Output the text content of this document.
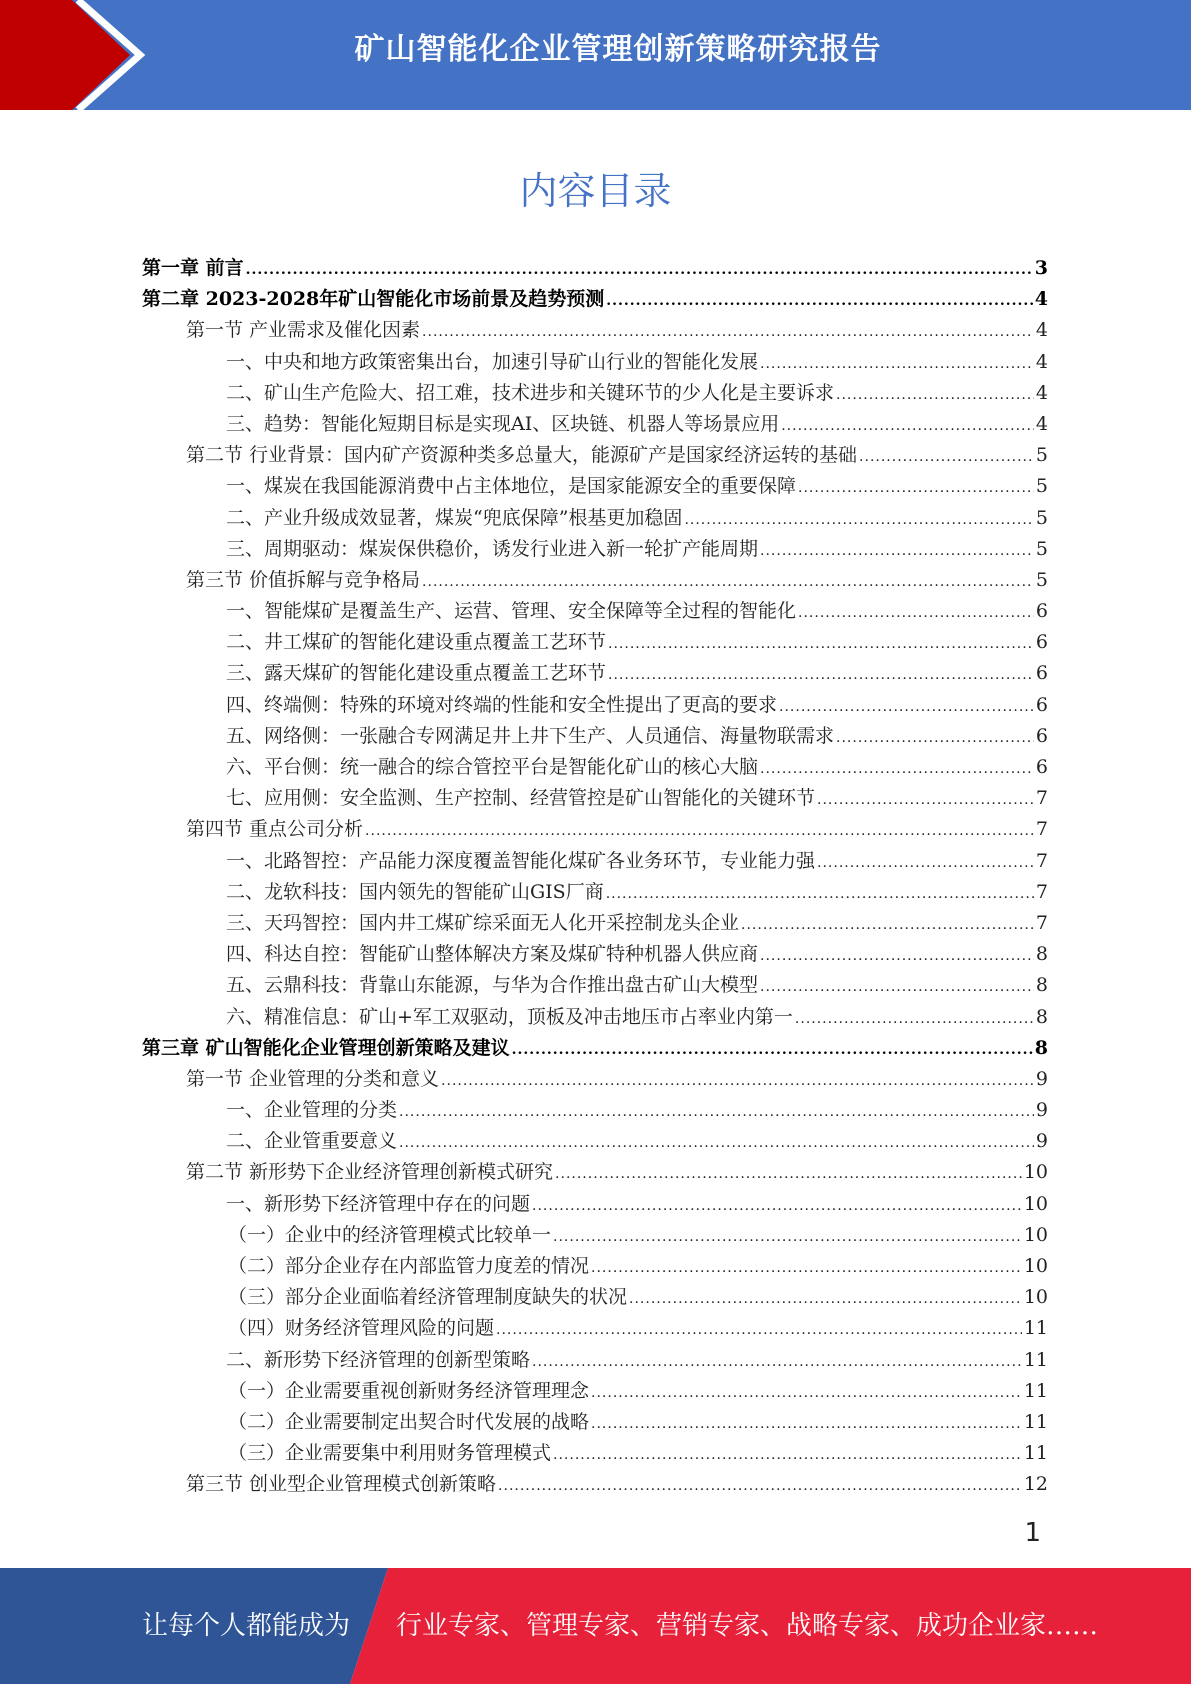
矿山智能化企业管理创新策略研究报告
内容目录
第一章 前言 .....	3
第二章 2023-2028年矿山智能化市场前景及趋势预测 .....	4
第一节 产业需求及催化因素 .....	4
一、中央和地方政策密集出台，加速引导矿山行业的智能化发展 .....	4
二、矿山生产危险大、招工难，技术进步和关键环节的少人化是主要诉求 .....	4
三、趋势：智能化短期目标是实现AI、区块链、机器人等场景应用 .....	4
第二节 行业背景：国内矿产资源种类多总量大，能源矿产是国家经济运转的基础 .....	5
一、煤炭在我国能源消费中占主体地位，是国家能源安全的重要保障 .....	5
二、产业升级成效显著，煤炭“兜底保障”根基更加稳固 .....	5
三、周期驱动：煤炭保供稳价，诱发行业进入新一轮扩产能周期 .....	5
第三节 价值拆解与竞争格局 .....	5
一、智能煤矿是覆盖生产、运营、管理、安全保障等全过程的智能化 .....	6
二、井工煤矿的智能化建设重点覆盖工艺环节 .....	6
三、露天煤矿的智能化建设重点覆盖工艺环节 .....	6
四、终端侧：特殊的环境对终端的性能和安全性提出了更高的要求 .....	6
五、网络侧：一张融合专网满足井上井下生产、人员通信、海量物联需求 .....	6
六、平台侧：统一融合的综合管控平台是智能化矿山的核心大脑 .....	6
七、应用侧：安全监测、生产控制、经营管控是矿山智能化的关键环节 .....	7
第四节 重点公司分析 .....	7
一、北路智控：产品能力深度覆盖智能化煤矿各业务环节，专业能力强 .....	7
二、龙软科技：国内领先的智能矿山GIS厂商 .....	7
三、天玛智控：国内井工煤矿综采面无人化开采控制龙头企业 .....	7
四、科达自控：智能矿山整体解决方案及煤矿特种机器人供应商 .....	8
五、云鼎科技：背靠山东能源，与华为合作推出盘古矿山大模型 .....	8
六、精准信息：矿山+军工双驱动，顶板及冲击地压市占率业内第一 .....	8
第三章 矿山智能化企业管理创新策略及建议 .....	8
第一节 企业管理的分类和意义 .....	9
一、企业管理的分类 .....	9
二、企业管重要意义 .....	9
第二节 新形势下企业经济管理创新模式研究 .....	10
一、新形势下经济管理中存在的问题 .....	10
（一）企业中的经济管理模式比较单一 .....	10
（二）部分企业存在内部监管力度差的情况 .....	10
（三）部分企业面临着经济管理制度缺失的状况 .....	10
（四）财务经济管理风险的问题 .....	11
二、新形势下经济管理的创新型策略 .....	11
（一）企业需要重视创新财务经济管理理念 .....	11
（二）企业需要制定出契合时代发展的战略 .....	11
（三）企业需要集中利用财务管理模式 .....	11
第三节 创业型企业管理模式创新策略 .....	12
1
让每个人都能成为 行业专家、管理专家、营销专家、战略专家、成功企业家……
